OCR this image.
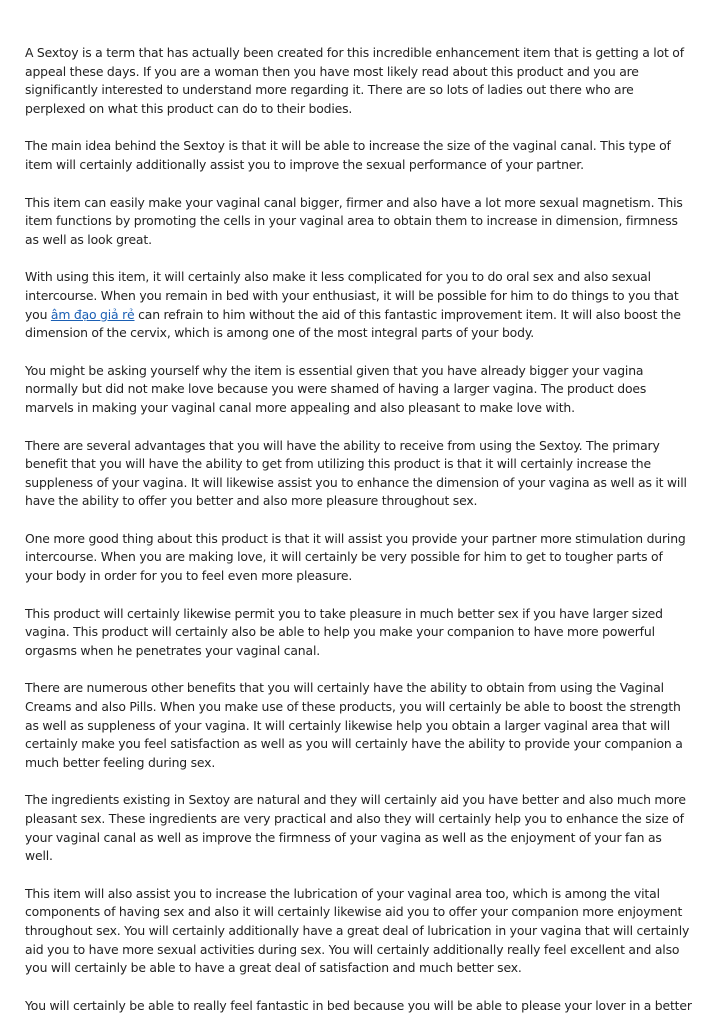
A Sextoy is a term that has actually been created for this incredible enhancement item that is getting a lot of appeal these days. If you are a woman then you have most likely read about this product and you are significantly interested to understand more regarding it. There are so lots of ladies out there who are perplexed on what this product can do to their bodies.

The main idea behind the Sextoy is that it will be able to increase the size of the vaginal canal. This type of item will certainly additionally assist you to improve the sexual performance of your partner.

This item can easily make your vaginal canal bigger, firmer and also have a lot more sexual magnetism. This item functions by promoting the cells in your vaginal area to obtain them to increase in dimension, firmness as well as look great.

With using this item, it will certainly also make it less complicated for you to do oral sex and also sexual intercourse. When you remain in bed with your enthusiast, it will be possible for him to do things to you that you âm đạo giả rẻ can refrain to him without the aid of this fantastic improvement item. It will also boost the dimension of the cervix, which is among one of the most integral parts of your body.

You might be asking yourself why the item is essential given that you have already bigger your vagina normally but did not make love because you were shamed of having a larger vagina. The product does marvels in making your vaginal canal more appealing and also pleasant to make love with.

There are several advantages that you will have the ability to receive from using the Sextoy. The primary benefit that you will have the ability to get from utilizing this product is that it will certainly increase the suppleness of your vagina. It will likewise assist you to enhance the dimension of your vagina as well as it will have the ability to offer you better and also more pleasure throughout sex.

One more good thing about this product is that it will assist you provide your partner more stimulation during intercourse. When you are making love, it will certainly be very possible for him to get to tougher parts of your body in order for you to feel even more pleasure.

This product will certainly likewise permit you to take pleasure in much better sex if you have larger sized vagina. This product will certainly also be able to help you make your companion to have more powerful orgasms when he penetrates your vaginal canal.

There are numerous other benefits that you will certainly have the ability to obtain from using the Vaginal Creams and also Pills. When you make use of these products, you will certainly be able to boost the strength as well as suppleness of your vagina. It will certainly likewise help you obtain a larger vaginal area that will certainly make you feel satisfaction as well as you will certainly have the ability to provide your companion a much better feeling during sex.

The ingredients existing in Sextoy are natural and they will certainly aid you have better and also much more pleasant sex. These ingredients are very practical and also they will certainly help you to enhance the size of your vaginal canal as well as improve the firmness of your vagina as well as the enjoyment of your fan as well.

This item will also assist you to increase the lubrication of your vaginal area too, which is among the vital components of having sex and also it will certainly likewise aid you to offer your companion more enjoyment throughout sex. You will certainly additionally have a great deal of lubrication in your vagina that will certainly aid you to have more sexual activities during sex. You will certainly additionally really feel excellent and also you will certainly be able to have a great deal of satisfaction and much better sex.

You will certainly be able to really feel fantastic in bed because you will be able to please your lover in a better
